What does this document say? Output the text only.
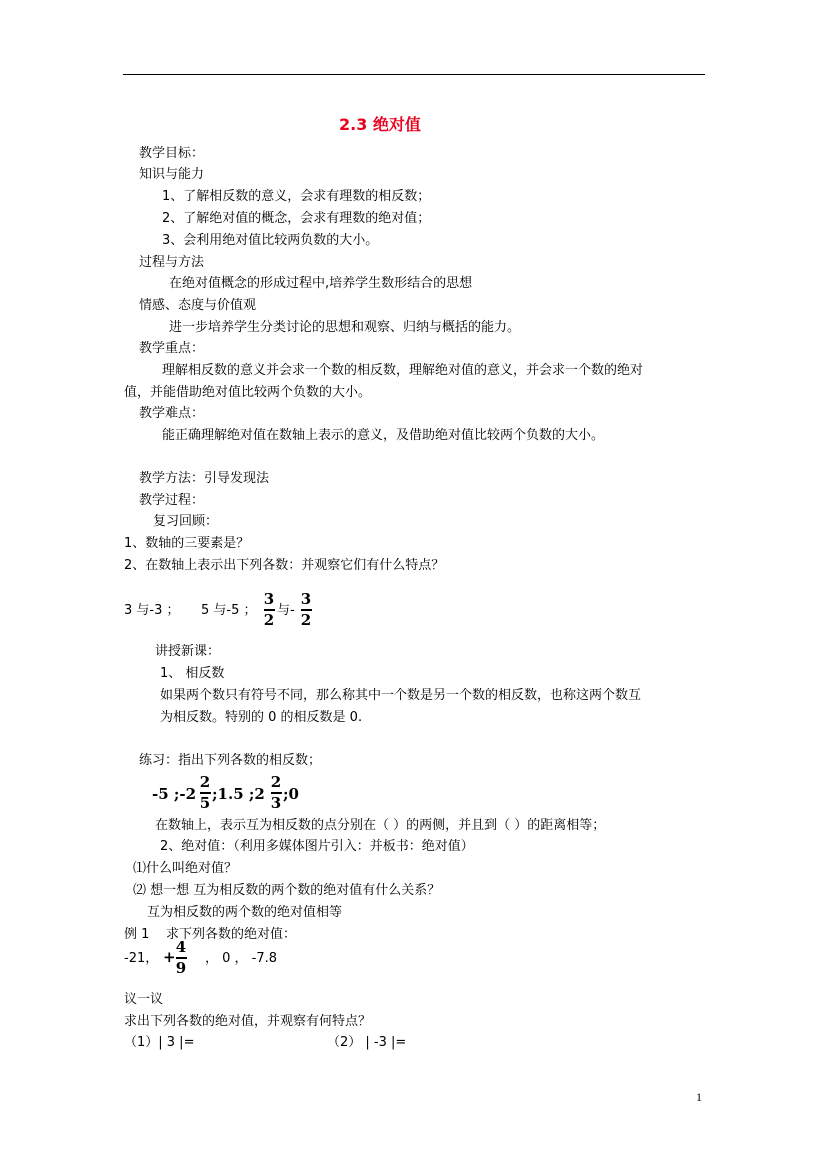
2.3 绝对值
教学目标：
知识与能力
1、了解相反数的意义，会求有理数的相反数；
2、了解绝对值的概念，会求有理数的绝对值；
3、会利用绝对值比较两负数的大小。
过程与方法
在绝对值概念的形成过程中,培养学生数形结合的思想
情感、态度与价值观
进一步培养学生分类讨论的思想和观察、归纳与概括的能力。
教学重点：
理解相反数的意义并会求一个数的相反数，理解绝对值的意义，并会求一个数的绝对
值，并能借助绝对值比较两个负数的大小。
教学难点：
能正确理解绝对值在数轴上表示的意义，及借助绝对值比较两个负数的大小。
教学方法：引导发现法
教学过程：
复习回顾：
1、数轴的三要素是？
2、在数轴上表示出下列各数：并观察它们有什么特点？
3 与-3 ； 5 与-5 ；
3
2
与-
3
2
讲授新课：
1、 相反数
如果两个数只有符号不同，那么称其中一个数是另一个数的相反数，也称这两个数互
为相反数。特别的 0 的相反数是 0.
练习：指出下列各数的相反数；
-5 ;-2
2
5 ;1.5 ;2
2
3 ;0
在数轴上，表示互为相反数的点分别在（ ）的两侧，并且到（ ）的距离相等；
2、绝对值：（利用多媒体图片引入：并板书：绝对值）
⑴什么叫绝对值？
⑵ 想一想 互为相反数的两个数的绝对值有什么关系？
互为相反数的两个数的绝对值相等
例 1 求下列各数的绝对值：
-21， +
4
9
， 0 ， -7.8
议一议
求出下列各数的绝对值，并观察有何特点？
（1）| 3 |=	（2） | -3 |=
1
